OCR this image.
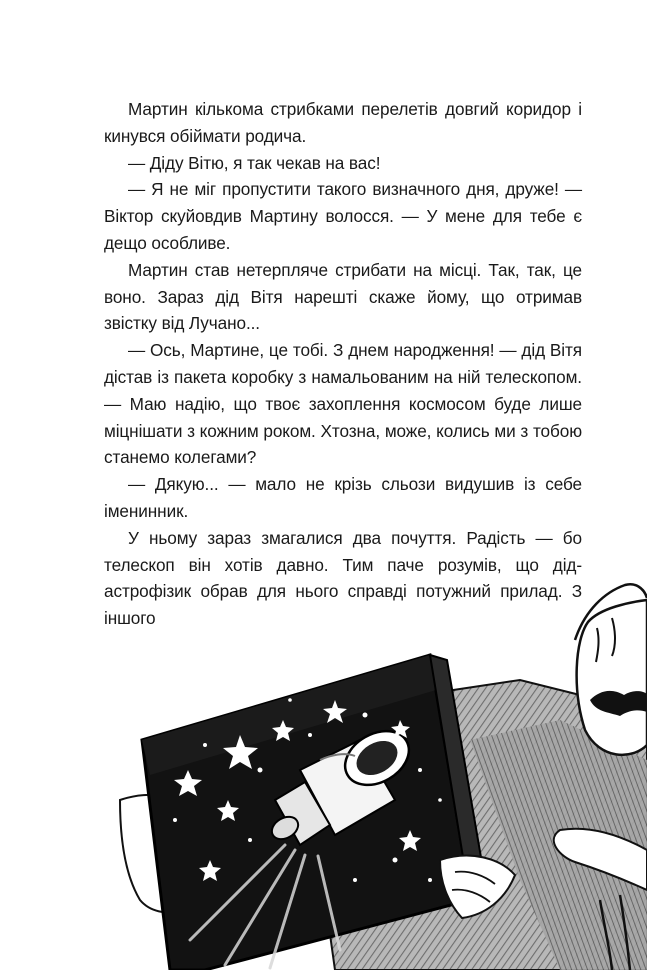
Мартин кількома стрибками перелетів довгий коридор і кинувся обіймати родича.

— Діду Вітю, я так чекав на вас!

— Я не міг пропустити такого визначного дня, друже! — Віктор скуйовдив Мартину волосся. — У мене для тебе є дещо особливе.

Мартин став нетерпляче стрибати на місці. Так, так, це воно. Зараз дід Вітя нарешті скаже йому, що отримав звістку від Лучано...

— Ось, Мартине, це тобі. З днем народження! — дід Вітя дістав із пакета коробку з намальованим на ній телескопом. — Маю надію, що твоє захоплення космосом буде лише міцнішати з кожним роком. Хтозна, може, колись ми з тобою станемо колегами?

— Дякую... — мало не крізь сльози видушив із себе іменинник.

У ньому зараз змагалися два почуття. Радість — бо телескоп він хотів давно. Тим паче розумів, що дід-астрофізик обрав для нього справді потужний прилад. З іншого
